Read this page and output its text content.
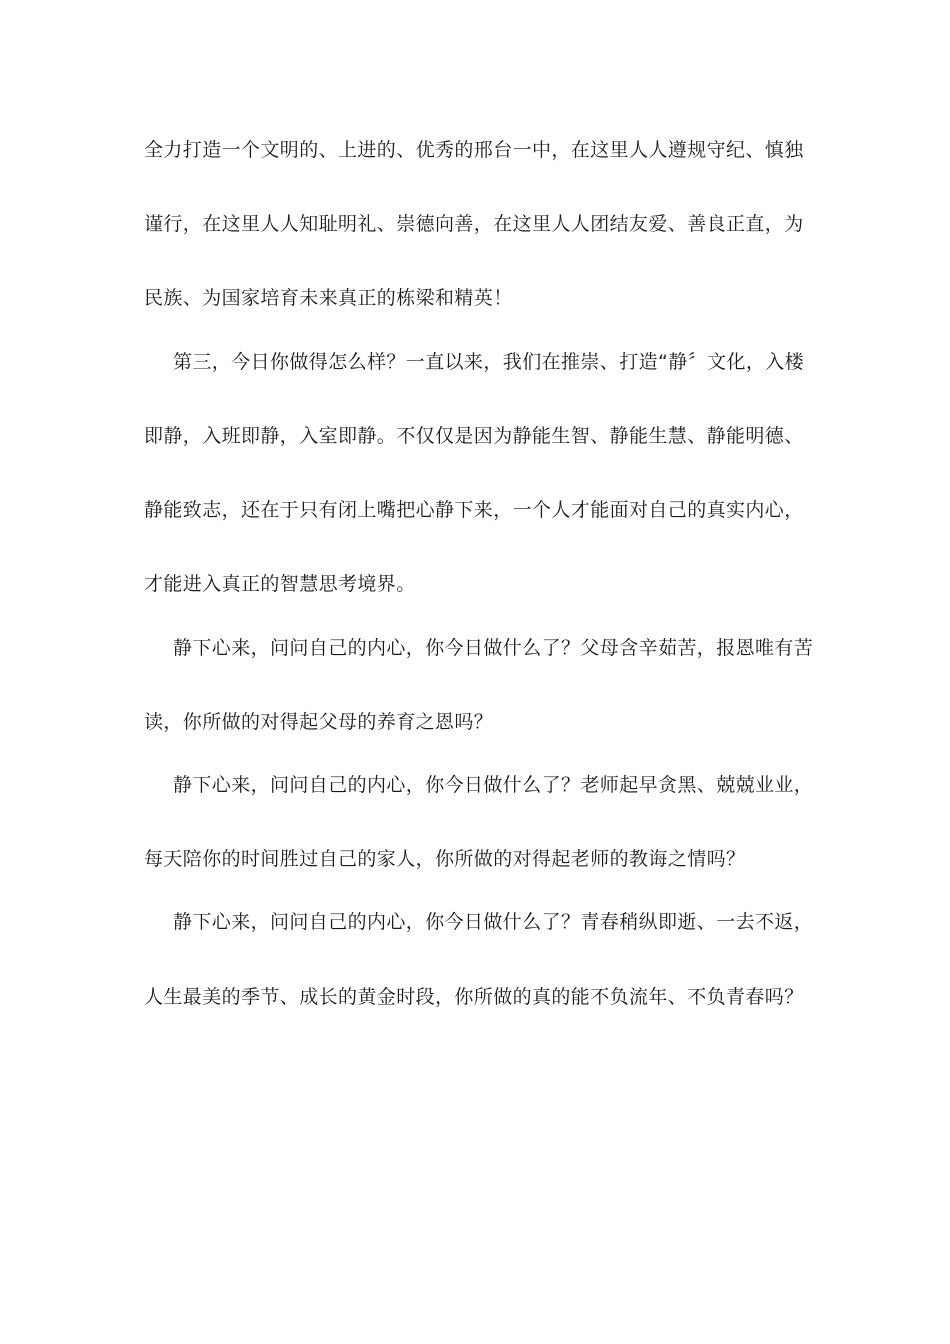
全力打造一个文明的、上进的、优秀的邢台一中，在这里人人遵规守纪、慎独
谨行，在这里人人知耻明礼、崇德向善，在这里人人团结友爱、善良正直，为
民族、为国家培育未来真正的栋梁和精英！
第三，今日你做得怎么样？一直以来，我们在推崇、打造“静〞文化，入楼
即静，入班即静，入室即静。不仅仅是因为静能生智、静能生慧、静能明德、
静能致志，还在于只有闭上嘴把心静下来，一个人才能面对自己的真实内心，
才能进入真正的智慧思考境界。
静下心来，问问自己的内心，你今日做什么了？父母含辛茹苦，报恩唯有苦
读，你所做的对得起父母的养育之恩吗？
静下心来，问问自己的内心，你今日做什么了？老师起早贪黑、兢兢业业，
每天陪你的时间胜过自己的家人，你所做的对得起老师的教诲之情吗？
静下心来，问问自己的内心，你今日做什么了？青春稍纵即逝、一去不返，
人生最美的季节、成长的黄金时段，你所做的真的能不负流年、不负青春吗？
